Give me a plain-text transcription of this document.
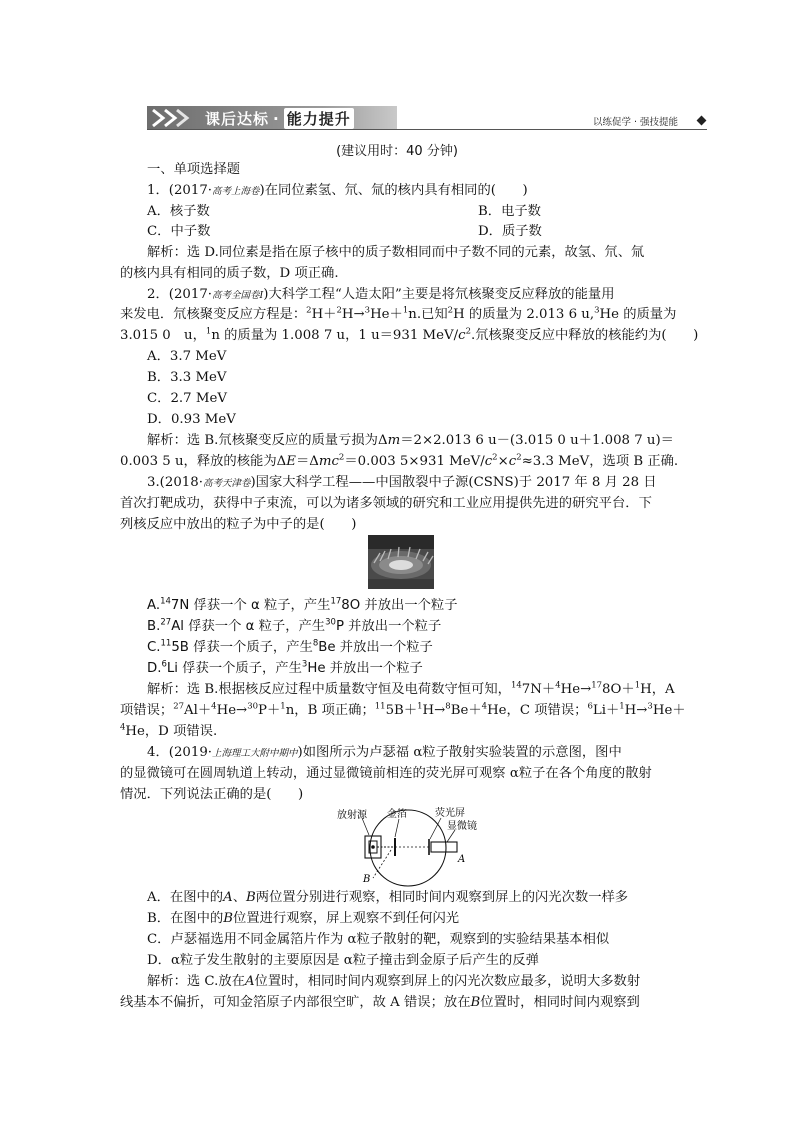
课后达标 · 能力提升	以练促学 · 强技提能
(建议用时：40 分钟)
一、单项选择题
1．(2017·高考上海卷)在同位素氢、氘、氚的核内具有相同的(　　)
A．核子数	B．电子数
C．中子数	D．质子数
解析：选 D.同位素是指在原子核中的质子数相同而中子数不同的元素，故氢、氘、氚
的核内具有相同的质子数，D 项正确.
2．(2017·高考全国卷Ⅰ)大科学工程“人造太阳”主要是将氘核聚变反应释放的能量用
来发电．氘核聚变反应方程是：$^2$H＋$^2$H→$^3$He＋$^1$n.已知$^2$H 的质量为 2.013 6 u,$^3$He 的质量为
3.015 0　u，$^1$n 的质量为 1.008 7 u，1 u＝931 MeV/$c^2$.氘核聚变反应中释放的核能约为(　　)
A．3.7 MeV
B．3.3 MeV
C．2.7 MeV
D．0.93 MeV
解析：选 B.氘核聚变反应的质量亏损为Δm＝2×2.013 6 u－(3.015 0 u＋1.008 7 u)＝
0.003 5 u，释放的核能为ΔE＝Δmc$^2$＝0.003 5×931 MeV/$c^2\times c^2\approx 3.3$ MeV，选项 B 正确.
3.(2018·高考天津卷)国家大科学工程——中国散裂中子源(CSNS)于 2017 年 8 月 28 日
首次打靶成功，获得中子束流，可以为诸多领域的研究和工业应用提供先进的研究平台．下
列核反应中放出的粒子为中子的是(　　)
A.$^{14}$7N 俘获一个 α 粒子，产生$^{17}$8O 并放出一个粒子
B.$^{27}$Al 俘获一个 α 粒子，产生$^{30}$P 并放出一个粒子
C.$^{11}$5B 俘获一个质子，产生$^8$Be 并放出一个粒子
D.$^6$Li 俘获一个质子，产生$^3$He 并放出一个粒子
解析：选 B.根据核反应过程中质量数守恒及电荷数守恒可知，$^{14}$7N＋$^4$He→$^{17}$8O＋$^1$H，A
项错误；$^{27}$Al＋$^4$He→$^{30}$P＋$^1$n，B 项正确；$^{11}$5B＋$^1$H→$^8$Be＋$^4$He，C 项错误；$^6$Li＋$^1$H→$^3$He＋
$^4$He，D 项错误.
4．(2019·上海理工大附中期中)如图所示为卢瑟福 α粒子散射实验装置的示意图，图中
的显微镜可在圆周轨道上转动，通过显微镜前相连的荧光屏可观察 α粒子在各个角度的散射
情况．下列说法正确的是(　　)
放射源 金箔	荧光屏
显微镜
A
B
A．在图中的A、B两位置分别进行观察，相同时间内观察到屏上的闪光次数一样多
B．在图中的B位置进行观察，屏上观察不到任何闪光
C．卢瑟福选用不同金属箔片作为 α粒子散射的靶，观察到的实验结果基本相似
D．α粒子发生散射的主要原因是 α粒子撞击到金原子后产生的反弹
解析：选 C.放在A位置时，相同时间内观察到屏上的闪光次数应最多，说明大多数射
线基本不偏折，可知金箔原子内部很空旷，故 A 错误；放在B位置时，相同时间内观察到
